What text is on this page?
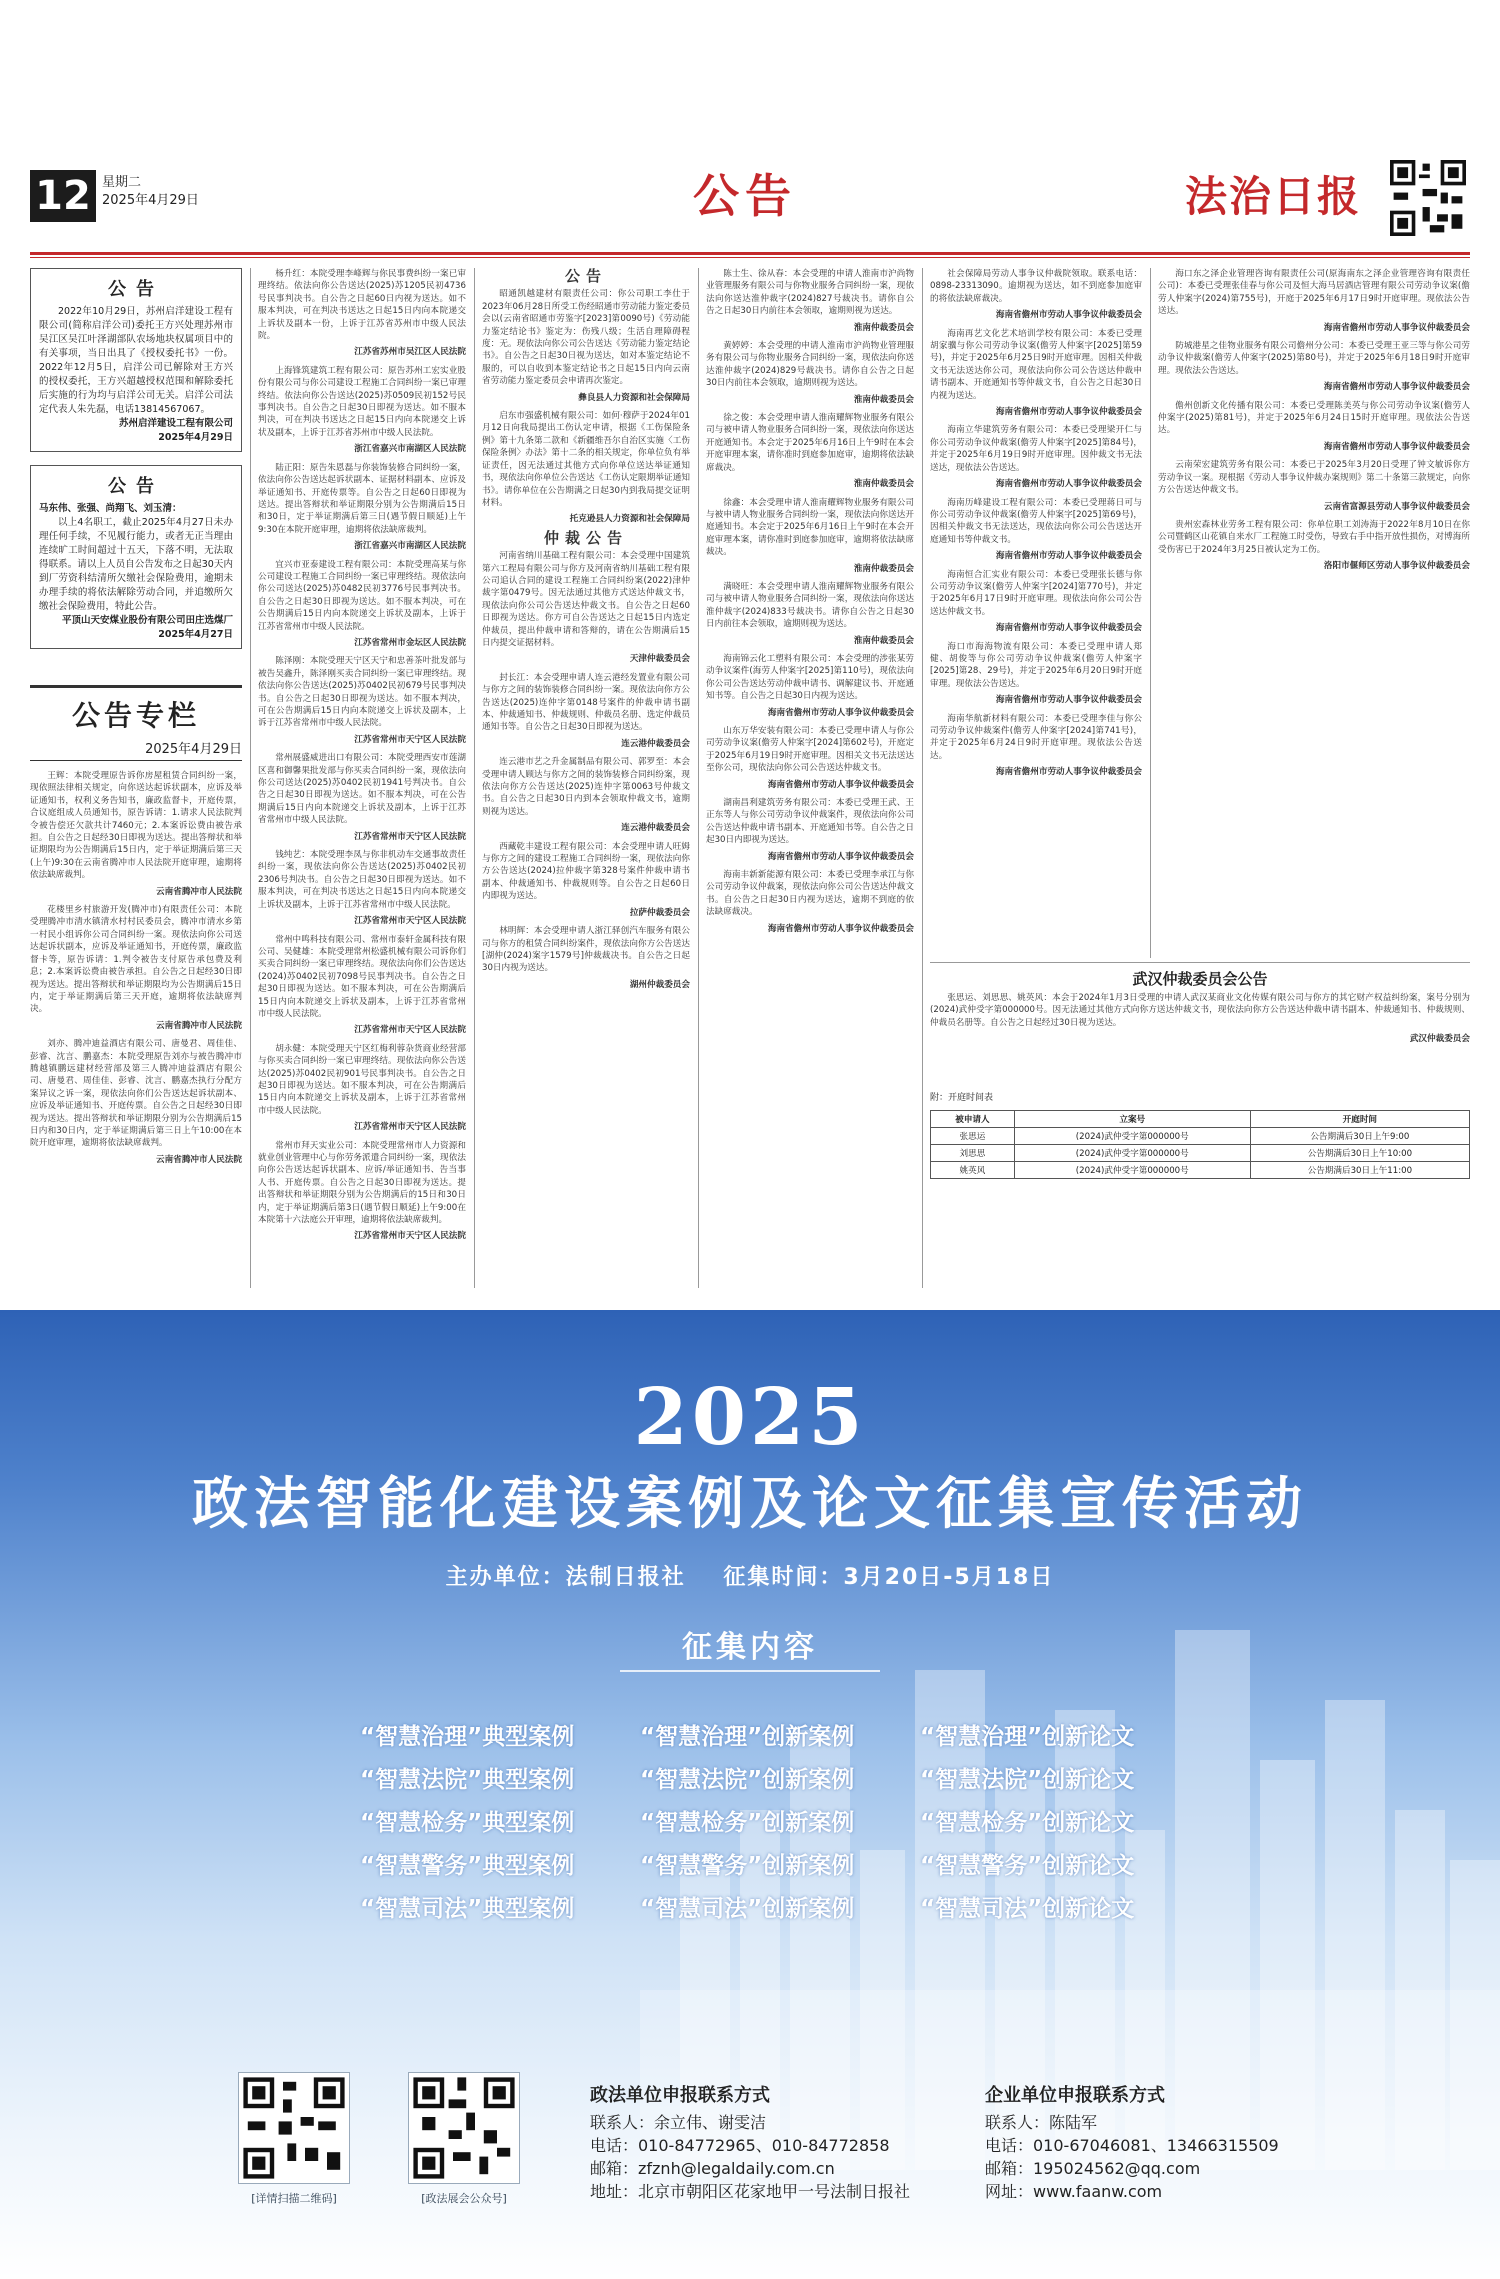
12 星期二
2025年4月29日	公告	法治日报
公告

2022年10月29日，苏州启洋建设工程有限公司(简称启洋公司)委托王方兴处理苏州市吴江区吴江叶泽湖部队农场地块权属项目中的有关事项，当日出具了《授权委托书》一份。2022年12月5日，启洋公司已解除对王方兴的授权委托，王方兴超越授权范围和解除委托后实施的行为均与启洋公司无关。启洋公司法定代表人朱先磊，电话13814567067。

苏州启洋建设工程有限公司

2025年4月29日

公告

马东伟、张强、尚翔飞、刘玉清：

以上4名职工，截止2025年4月27日未办理任何手续，不见履行能力，或者无正当理由连续旷工时间超过十五天，下落不明，无法取得联系。请以上人员自公告发布之日起30天内到厂劳资科结清所欠缴社会保险费用，逾期未办理手续的将依法解除劳动合同，并追缴所欠缴社会保险费用，特此公告。

平顶山天安煤业股份有限公司田庄选煤厂

2025年4月27日

公告专栏
2025年4月29日

王辉：本院受理原告诉你房屋租赁合同纠纷一案，现依照法律相关规定，向你送达起诉状副本，应诉及举证通知书，权利义务告知书，廉政监督卡，开庭传票，合议庭组成人员通知书，原告诉请：1.请求人民法院判令被告偿还欠款共计7460元；2.本案诉讼费由被告承担。自公告之日起经30日即视为送达。提出答辩状和举证期限均为公告期满后15日内，定于举证期满后第三天(上午)9:30在云南省腾冲市人民法院开庭审理，逾期将依法缺席裁判。

云南省腾冲市人民法院

花楼里乡村旅游开发(腾冲市)有限责任公司：本院受理腾冲市清水镇清水村村民委员会，腾冲市清水乡第一村民小组诉你公司合同纠纷一案。现依法向你公司送达起诉状副本，应诉及举证通知书，开庭传票，廉政监督卡等，原告诉请：1.判令被告支付原告承包费及利息；2.本案诉讼费由被告承担。自公告之日起经30日即视为送达。提出答辩状和举证期限均为公告期满后15日内，定于举证期满后第三天开庭，逾期将依法缺席判决。

云南省腾冲市人民法院

刘亦、腾冲迪益酒店有限公司、唐曼君、周佳佳、彭睿、沈言、鹏嘉杰：本院受理原告刘亦与被告腾冲市腾越镇鹏远建材经营部及第三人腾冲迪益酒店有限公司、唐曼君、周佳佳、彭睿、沈言、鹏嘉杰执行分配方案异议之诉一案，现依法向你们公告送达起诉状副本、应诉及举证通知书、开庭传票。自公告之日起经30日即视为送达。提出答辩状和举证期限分别为公告期满后15日内和30日内，定于举证期满后第三日上午10:00在本院开庭审理，逾期将依法缺席裁判。

云南省腾冲市人民法院

杨升红：本院受理李峰辉与你民事费纠纷一案已审理终结。依法向你公告送达(2025)苏1205民初4736号民事判决书。自公告之日起60日内视为送达。如不服本判决，可在判决书送达之日起15日内向本院递交上诉状及副本一份，上诉于江苏省苏州市中级人民法院。

江苏省苏州市吴江区人民法院

上海锋筑建筑工程有限公司：原告苏州工宏实业股份有限公司与你公司建设工程施工合同纠纷一案已审理终结。依法向你公告送达(2025)苏0509民初152号民事判决书。自公告之日起30日即视为送达。如不服本判决，可在判决书送达之日起15日内向本院递交上诉状及副本，上诉于江苏省苏州市中级人民法院。

浙江省嘉兴市南湖区人民法院

陆正阳：原告朱恩磊与你装饰装修合同纠纷一案，依法向你公告送达起诉状副本、证据材料副本、应诉及举证通知书、开庭传票等。自公告之日起60日即视为送达。提出答辩状和举证期限分别为公告期满后15日和30日，定于举证期满后第三日(遇节假日顺延)上午9:30在本院开庭审理，逾期将依法缺席裁判。

浙江省嘉兴市南湖区人民法院

宜兴市亚泰建设工程有限公司：本院受理高某与你公司建设工程施工合同纠纷一案已审理终结。现依法向你公司送达(2025)苏0482民初3776号民事判决书。自公告之日起30日即视为送达。如不服本判决，可在公告期满后15日内向本院递交上诉状及副本，上诉于江苏省常州市中级人民法院。

江苏省常州市金坛区人民法院

陈泽刚：本院受理天宁区天宁和忠善茶叶批发部与被告吴鑫升，陈泽刚买卖合同纠纷一案已审理终结。现依法向你公告送达(2025)苏0402民初679号民事判决书。自公告之日起30日即视为送达。如不服本判决，可在公告期满后15日内向本院递交上诉状及副本，上诉于江苏省常州市中级人民法院。

江苏省常州市天宁区人民法院

常州展盛威进出口有限公司：本院受理西安市莲湖区喜和御馨果批发部与你买卖合同纠纷一案，现依法向你公司送达(2025)苏0402民初1941号判决书。自公告之日起30日即视为送达。如不服本判决，可在公告期满后15日内向本院递交上诉状及副本，上诉于江苏省常州市中级人民法院。

江苏省常州市天宁区人民法院

钱纯艺：本院受理李凤与你非机动车交通事故责任纠纷一案，现依法向你公告送达(2025)苏0402民初2306号判决书。自公告之日起30日即视为送达。如不服本判决，可在判决书送达之日起15日内向本院递交上诉状及副本，上诉于江苏省常州市中级人民法院。

江苏省常州市天宁区人民法院

常州中鸣科技有限公司、常州市泰轩金属科技有限公司、吴健雄：本院受理常州松盛机械有限公司诉你们买卖合同纠纷一案已审理终结。现依法向你们公告送达(2024)苏0402民初7098号民事判决书。自公告之日起30日即视为送达。如不服本判决，可在公告期满后15日内向本院递交上诉状及副本，上诉于江苏省常州市中级人民法院。

江苏省常州市天宁区人民法院

胡永健：本院受理天宁区红梅利蓉杂货商业经营部与你买卖合同纠纷一案已审理终结。现依法向你公告送达(2025)苏0402民初901号民事判决书。自公告之日起30日即视为送达。如不服本判决，可在公告期满后15日内向本院递交上诉状及副本，上诉于江苏省常州市中级人民法院。

江苏省常州市天宁区人民法院

常州市拜天实业公司：本院受理常州市人力资源和就业创业管理中心与你劳务派遣合同纠纷一案，现依法向你公告送达起诉状副本、应诉/举证通知书、告当事人书、开庭传票。自公告之日起30日即视为送达。提出答辩状和举证期限分别为公告期满后的15日和30日内，定于举证期满后第3日(遇节假日顺延)上午9:00在本院第十六法庭公开审理，逾期将依法缺席裁判。

江苏省常州市天宁区人民法院

公告

昭通凯越建材有限责任公司：你公司职工李仕于2023年06月28日所受工伤经昭通市劳动能力鉴定委员会以(云南省昭通市劳鉴字[2023]第0090号)《劳动能力鉴定结论书》鉴定为：伤残八级；生活自理障碍程度：无。现依法向你公司公告送达《劳动能力鉴定结论书》。自公告之日起30日视为送达，如对本鉴定结论不服的，可以自收到本鉴定结论书之日起15日内向云南省劳动能力鉴定委员会申请再次鉴定。

彝良县人力资源和社会保障局

启东市强盛机械有限公司：如何·穆萨于2024年01月12日向我局提出工伤认定申请，根据《工伤保险条例》第十九条第二款和《新疆维吾尔自治区实施〈工伤保险条例〉办法》第十二条的相关规定，你单位负有举证责任，因无法通过其他方式向你单位送达举证通知书，现依法向你单位公告送达《工伤认定限期举证通知书》。请你单位在公告期满之日起30内到我局提交证明材料。

托克逊县人力资源和社会保障局

仲裁公告

河南省纳川基础工程有限公司：本会受理中国建筑第六工程局有限公司与你方及河南省纳川基础工程有限公司追认合同的建设工程施工合同纠纷案(2022)津仲裁字第0479号。因无法通过其他方式送达仲裁文书，现依法向你公司公告送达仲裁文书。自公告之日起60日即视为送达。你方可自公告送达之日起15日内选定仲裁员，提出仲裁申请和答辩的，请在公告期满后15日内提交证据材料。

天津仲裁委员会

封长江：本会受理申请人连云港经发置业有限公司与你方之间的装饰装修合同纠纷一案。现依法向你方公告送达(2025)连仲字第0148号案件的仲裁申请书副本、仲裁通知书、仲裁规则、仲裁员名册、选定仲裁员通知书等。自公告之日起30日即视为送达。

连云港仲裁委员会

连云港市艺之升金属制品有限公司、郭罗至：本会受理申请人顾达与你方之间的装饰装修合同纠纷案，现依法向你方公告送达(2025)连仲字第0063号仲裁文书。自公告之日起30日内到本会领取仲裁文书，逾期则视为送达。

连云港仲裁委员会

西藏乾丰建设工程有限公司：本会受理申请人旺姆与你方之间的建设工程施工合同纠纷一案，现依法向你方公告送达(2024)拉仲裁字第328号案件仲裁申请书副本、仲裁通知书、仲裁规则等。自公告之日起60日内即视为送达。

拉萨仲裁委员会

林明辉：本会受理申请人浙江驿创汽车服务有限公司与你方的租赁合同纠纷案件，现依法向你方公告送达[湖仲(2024)案字1579号]仲裁裁决书。自公告之日起30日内视为送达。

湖州仲裁委员会

陈士生、徐从春：本会受理的申请人淮南市沪尚物业管理服务有限公司与你物业服务合同纠纷一案，现依法向你送达淮仲裁字(2024)827号裁决书。请你自公告之日起30日内前往本会领取，逾期则视为送达。

淮南仲裁委员会

黄婷婷：本会受理的申请人淮南市沪尚物业管理服务有限公司与你物业服务合同纠纷一案，现依法向你送达淮仲裁字(2024)829号裁决书。请你自公告之日起30日内前往本会领取，逾期则视为送达。

淮南仲裁委员会

徐之俊：本会受理申请人淮南耀辉物业服务有限公司与被申请人物业服务合同纠纷一案，现依法向你送达开庭通知书。本会定于2025年6月16日上午9时在本会开庭审理本案，请你准时到庭参加庭审，逾期将依法缺席裁决。

淮南仲裁委员会

徐鑫：本会受理申请人淮南耀辉物业服务有限公司与被申请人物业服务合同纠纷一案，现依法向你送达开庭通知书。本会定于2025年6月16日上午9时在本会开庭审理本案，请你准时到庭参加庭审，逾期将依法缺席裁决。

淮南仲裁委员会

满晓旺：本会受理申请人淮南耀辉物业服务有限公司与被申请人物业服务合同纠纷一案，现依法向你送达淮仲裁字(2024)833号裁决书。请你自公告之日起30日内前往本会领取，逾期则视为送达。

淮南仲裁委员会

海南锦云化工塑料有限公司：本会受理的涉张某劳动争议案件(海劳人仲案字[2025]第110号)，现依法向你公司公告送达劳动仲裁申请书、调解建议书、开庭通知书等。自公告之日起30日内视为送达。

海南省儋州市劳动人事争议仲裁委员会

山东万华安装有限公司：本委已受理申请人与你公司劳动争议案(儋劳人仲案字[2024]第602号)，开庭定于2025年6月19日9时开庭审理。因相关文书无法送达至你公司，现依法向你公司公告送达仲裁文书。

海南省儋州市劳动人事争议仲裁委员会

湖南昌利建筑劳务有限公司：本委已受理王武、王正东等人与你公司劳动争议仲裁案件，现依法向你公司公告送达仲裁申请书副本、开庭通知书等。自公告之日起30日内即视为送达。

海南省儋州市劳动人事争议仲裁委员会

海南丰新新能源有限公司：本委已受理李承江与你公司劳动争议仲裁案，现依法向你公司公告送达仲裁文书。自公告之日起30日内视为送达，逾期不到庭的依法缺席裁决。

海南省儋州市劳动人事争议仲裁委员会

社会保障局劳动人事争议仲裁院领取。联系电话：0898-23313090。逾期视为送达，如不到庭参加庭审的将依法缺席裁决。

海南省儋州市劳动人事争议仲裁委员会

海南再艺文化艺术培训学校有限公司：本委已受理胡家骥与你公司劳动争议案(儋劳人仲案字[2025]第59号)，并定于2025年6月25日9时开庭审理。因相关仲裁文书无法送达你公司，现依法向你公司公告送达仲裁申请书副本、开庭通知书等仲裁文书，自公告之日起30日内视为送达。

海南省儋州市劳动人事争议仲裁委员会

海南立华建筑劳务有限公司：本委已受理梁开仁与你公司劳动争议仲裁案(儋劳人仲案字[2025]第84号)，并定于2025年6月19日9时开庭审理。因仲裁文书无法送达，现依法公告送达。

海南省儋州市劳动人事争议仲裁委员会

海南历峰建设工程有限公司：本委已受理蒋日可与你公司劳动争议仲裁案(儋劳人仲案字[2025]第69号)，因相关仲裁文书无法送达，现依法向你公司公告送达开庭通知书等仲裁文书。

海南省儋州市劳动人事争议仲裁委员会

海南恒合汇实业有限公司：本委已受理张长德与你公司劳动争议案(儋劳人仲案字[2024]第770号)，并定于2025年6月17日9时开庭审理。现依法向你公司公告送达仲裁文书。

海南省儋州市劳动人事争议仲裁委员会

海口市海海物流有限公司：本委已受理申请人郑健、胡俊等与你公司劳动争议仲裁案(儋劳人仲案字[2025]第28、29号)，并定于2025年6月20日9时开庭审理。现依法公告送达。

海南省儋州市劳动人事争议仲裁委员会

海南华航新材料有限公司：本委已受理李佳与你公司劳动争议仲裁案件(儋劳人仲案字[2024]第741号)，并定于2025年6月24日9时开庭审理。现依法公告送达。

海南省儋州市劳动人事争议仲裁委员会

海口东之泽企业管理咨询有限责任公司(原海南东之泽企业管理咨询有限责任公司)：本委已受理张佳春与你公司及恒大海马居酒店管理有限公司劳动争议案(儋劳人仲案字(2024)第755号)，开庭于2025年6月17日9时开庭审理。现依法公告送达。

海南省儋州市劳动人事争议仲裁委员会

防城港星之佳物业服务有限公司儋州分公司：本委已受理王亚三等与你公司劳动争议仲裁案(儋劳人仲案字(2025)第80号)，并定于2025年6月18日9时开庭审理。现依法公告送达。

海南省儋州市劳动人事争议仲裁委员会

儋州创新文化传播有限公司：本委已受理陈美英与你公司劳动争议案(儋劳人仲案字(2025)第81号)，并定于2025年6月24日15时开庭审理。现依法公告送达。

海南省儋州市劳动人事争议仲裁委员会

云南荣宏建筑劳务有限公司：本委已于2025年3月20日受理了钟文敏诉你方劳动争议一案。现根据《劳动人事争议仲裁办案规则》第二十条第三款规定，向你方公告送达仲裁文书。

云南省富源县劳动人事争议仲裁委员会

贵州宏森林业劳务工程有限公司：你单位职工刘涛海于2022年8月10日在你公司暨鹤区山花镇自来水厂工程施工时受伤，导致右手中指开放性损伤，对博海所受伤害已于2024年3月25日被认定为工伤。

洛阳市偃师区劳动人事争议仲裁委员会

武汉仲裁委员会公告

张思运、刘思思、姚英风：本会于2024年1月3日受理的申请人武汉某商业文化传媒有限公司与你方的其它财产权益纠纷案，案号分别为(2024)武仲受字第000000号。因无法通过其他方式向你方送达仲裁文书，现依法向你方公告送达仲裁申请书副本、仲裁通知书、仲裁规则、仲裁员名册等。自公告之日起经过30日视为送达。

武汉仲裁委员会

附：开庭时间表
被申请人	立案号	开庭时间
张思运	(2024)武仲受字第000000号	公告期满后30日上午9:00
刘思思	(2024)武仲受字第000000号	公告期满后30日上午10:00
姚英风	(2024)武仲受字第000000号	公告期满后30日上午11:00
2025
政法智能化建设案例及论文征集宣传活动
主办单位：法制日报社 征集时间：3月20日-5月18日
征集内容
“智慧治理”典型案例	“智慧治理”创新案例	“智慧治理”创新论文
“智慧法院”典型案例	“智慧法院”创新案例	“智慧法院”创新论文
“智慧检务”典型案例	“智慧检务”创新案例	“智慧检务”创新论文
“智慧警务”典型案例	“智慧警务”创新案例	“智慧警务”创新论文
“智慧司法”典型案例	“智慧司法”创新案例	“智慧司法”创新论文
[详情扫描二维码]	[政法展会公众号]
政法单位申报联系方式
联系人：余立伟、谢雯洁
电话：010-84772965、010-84772858
邮箱：zfznh@legaldaily.com.cn
地址：北京市朝阳区花家地甲一号法制日报社
企业单位申报联系方式
联系人：陈陆军
电话：010-67046081、13466315509
邮箱：195024562@qq.com
网址：www.faanw.com
